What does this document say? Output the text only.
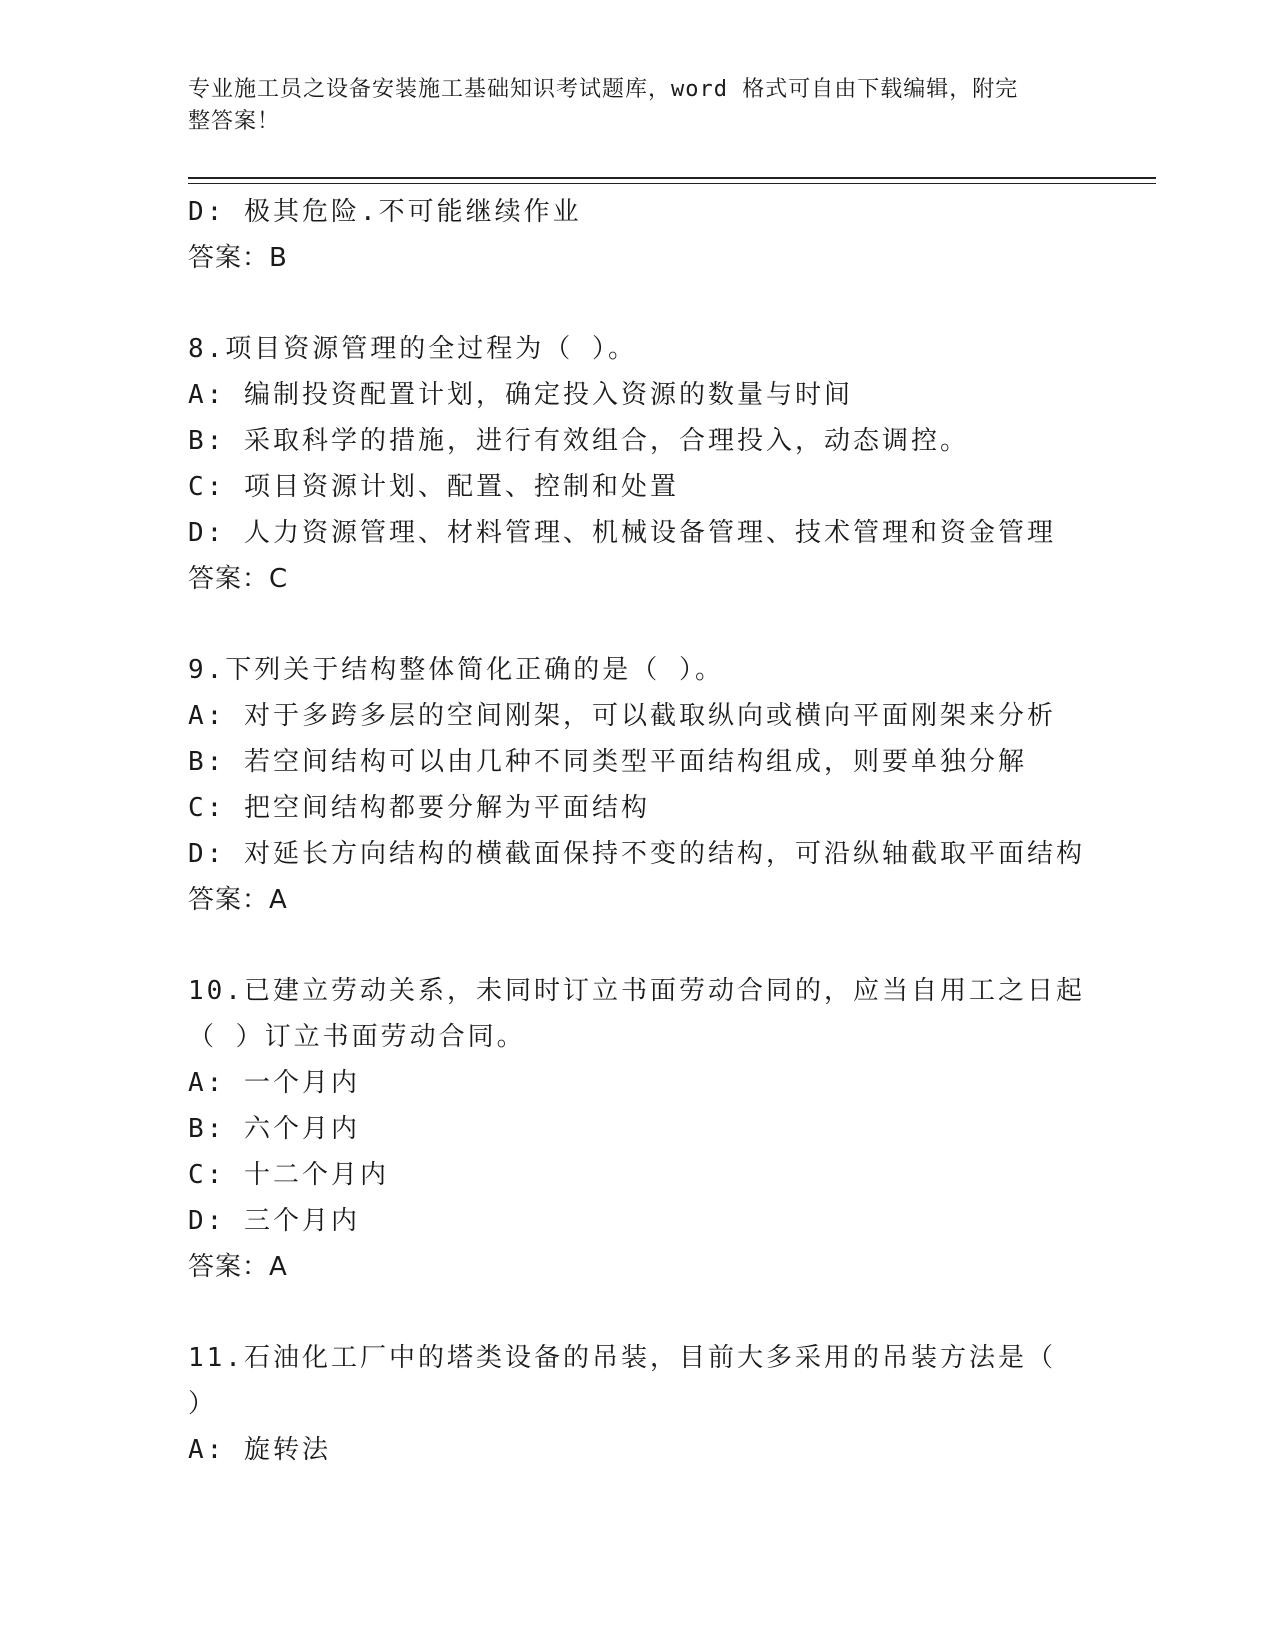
专业施工员之设备安装施工基础知识考试题库，word 格式可自由下载编辑，附完
整答案！
D: 极其危险.不可能继续作业
答案：B
8.项目资源管理的全过程为（ ）。
A: 编制投资配置计划，确定投入资源的数量与时间
B: 采取科学的措施，进行有效组合，合理投入，动态调控。
C: 项目资源计划、配置、控制和处置
D: 人力资源管理、材料管理、机械设备管理、技术管理和资金管理
答案：C
9.下列关于结构整体简化正确的是（ ）。
A: 对于多跨多层的空间刚架，可以截取纵向或横向平面刚架来分析
B: 若空间结构可以由几种不同类型平面结构组成，则要单独分解
C: 把空间结构都要分解为平面结构
D: 对延长方向结构的横截面保持不变的结构，可沿纵轴截取平面结构
答案：A
10.已建立劳动关系，未同时订立书面劳动合同的，应当自用工之日起
（ ）订立书面劳动合同。
A: 一个月内
B: 六个月内
C: 十二个月内
D: 三个月内
答案：A
11.石油化工厂中的塔类设备的吊装，目前大多采用的吊装方法是（
）
A: 旋转法
